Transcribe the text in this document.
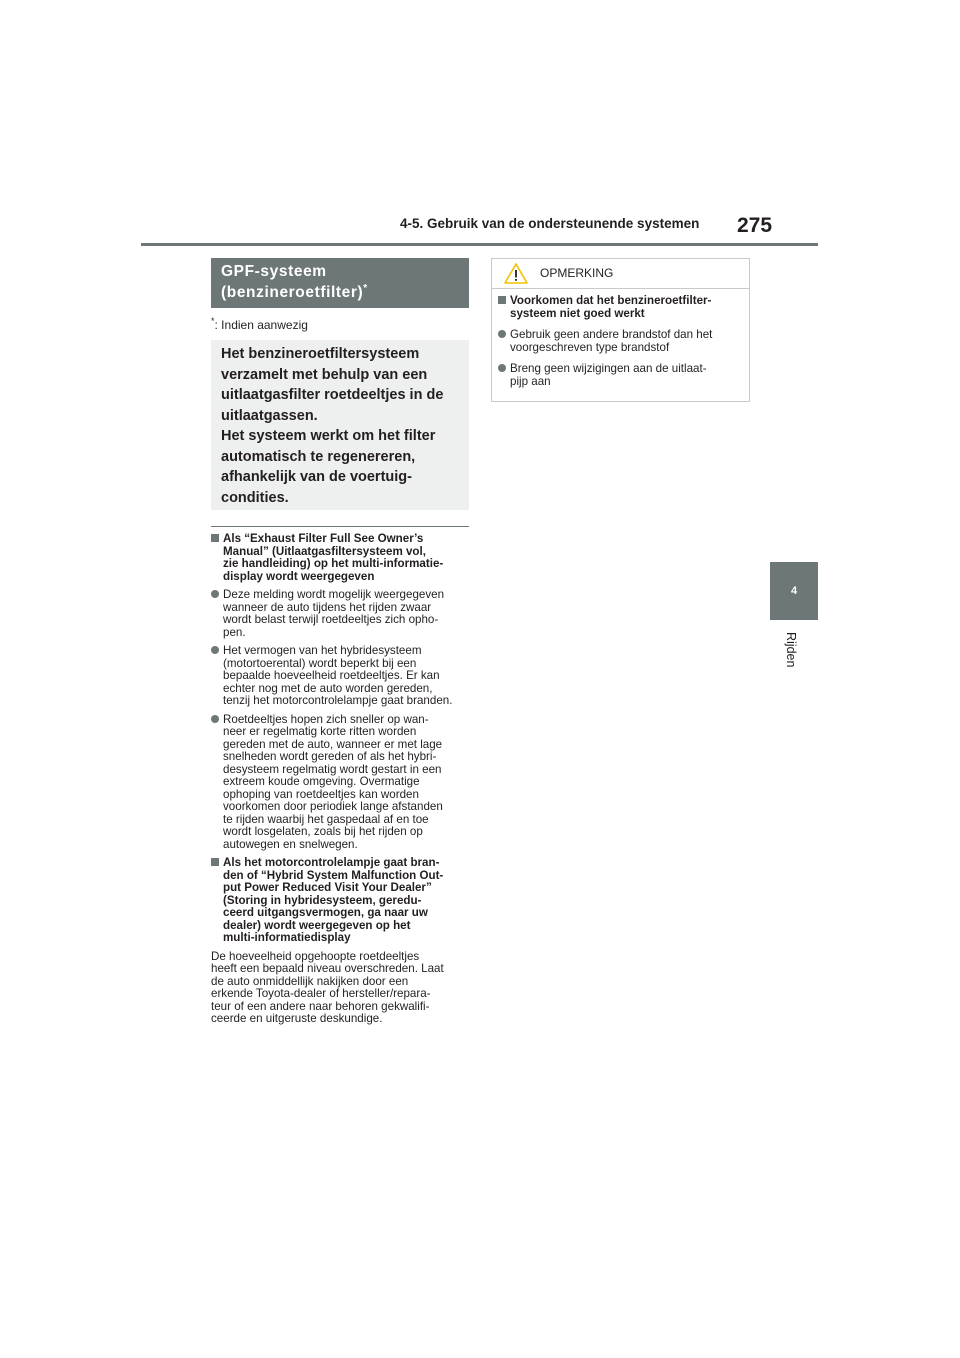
4-5. Gebruik van de ondersteunende systemen 275
4
Rijden
GPF-systeem
(benzineroetfilter)*
*: Indien aanwezig
Het benzineroetfiltersysteem
verzamelt met behulp van een
uitlaatgasfilter roetdeeltjes in de
uitlaatgassen.
Het systeem werkt om het filter
automatisch te regenereren,
afhankelijk van de voertuig-
condities.
Als “Exhaust Filter Full See Owner’s
Manual” (Uitlaatgasfiltersysteem vol,
zie handleiding) op het multi-informatie-
display wordt weergegeven
Deze melding wordt mogelijk weergegeven
wanneer de auto tijdens het rijden zwaar
wordt belast terwijl roetdeeltjes zich opho-
pen.
Het vermogen van het hybridesysteem
(motortoerental) wordt beperkt bij een
bepaalde hoeveelheid roetdeeltjes. Er kan
echter nog met de auto worden gereden,
tenzij het motorcontrolelampje gaat branden.
Roetdeeltjes hopen zich sneller op wan-
neer er regelmatig korte ritten worden
gereden met de auto, wanneer er met lage
snelheden wordt gereden of als het hybri-
desysteem regelmatig wordt gestart in een
extreem koude omgeving. Overmatige
ophoping van roetdeeltjes kan worden
voorkomen door periodiek lange afstanden
te rijden waarbij het gaspedaal af en toe
wordt losgelaten, zoals bij het rijden op
autowegen en snelwegen.
Als het motorcontrolelampje gaat bran-
den of “Hybrid System Malfunction Out-
put Power Reduced Visit Your Dealer”
(Storing in hybridesysteem, geredu-
ceerd uitgangsvermogen, ga naar uw
dealer) wordt weergegeven op het
multi-informatiedisplay
De hoeveelheid opgehoopte roetdeeltjes
heeft een bepaald niveau overschreden. Laat
de auto onmiddellijk nakijken door een
erkende Toyota-dealer of hersteller/repara-
teur of een andere naar behoren gekwalifi-
ceerde en uitgeruste deskundige.
OPMERKING
Voorkomen dat het benzineroetfilter-
systeem niet goed werkt
Gebruik geen andere brandstof dan het
voorgeschreven type brandstof
Breng geen wijzigingen aan de uitlaat-
pijp aan
